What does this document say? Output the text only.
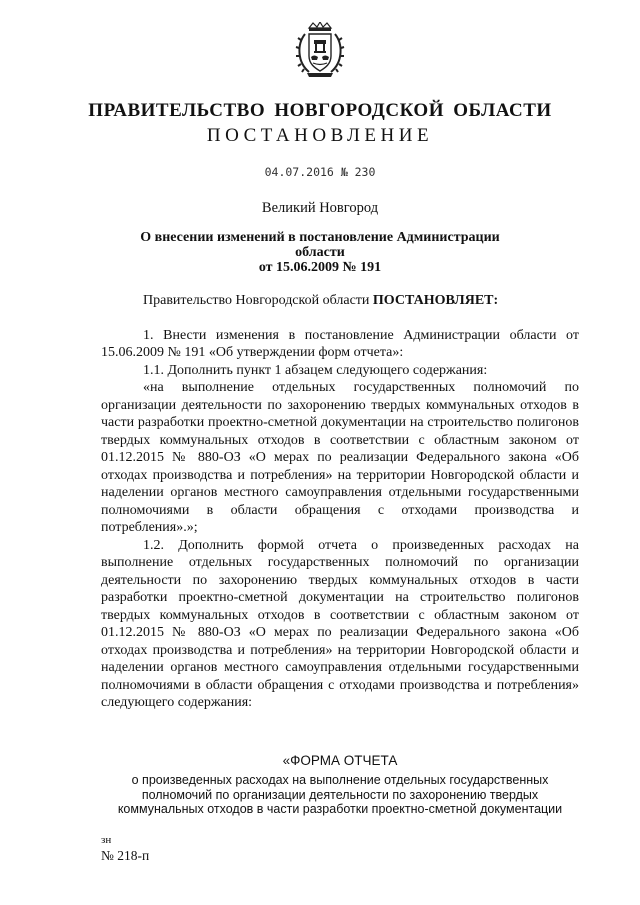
ПРАВИТЕЛЬСТВО НОВГОРОДСКОЙ ОБЛАСТИ
ПОСТАНОВЛЕНИЕ
04.07.2016 № 230
Великий Новгород
О внесении изменений в постановление Администрации области
от 15.06.2009 № 191

Правительство Новгородской области ПОСТАНОВЛЯЕТ:

1. Внести изменения в постановление Администрации области от 15.06.2009 № 191 «Об утверждении форм отчета»:

1.1. Дополнить пункт 1 абзацем следующего содержания:

«на выполнение отдельных государственных полномочий по организации деятельности по захоронению твердых коммунальных отходов в части разработки проектно-сметной документации на строительство полигонов твердых коммунальных отходов в соответствии с областным законом от 01.12.2015 № 880-ОЗ «О мерах по реализации Федерального закона «Об отходах производства и потребления» на территории Новгородской области и наделении органов местного самоуправления отдельными государственными полномочиями в области обращения с отходами производства и потребления».»;

1.2. Дополнить формой отчета о произведенных расходах на выполнение отдельных государственных полномочий по организации деятельности по захоронению твердых коммунальных отходов в части разработки проектно-сметной документации на строительство полигонов твердых коммунальных отходов в соответствии с областным законом от 01.12.2015 № 880-ОЗ «О мерах по реализации Федерального закона «Об отходах производства и потребления» на территории Новгородской области и наделении органов местного самоуправления отдельными государственными полномочиями в области обращения с отходами производства и потребления» следующего содержания:

«ФОРМА ОТЧЕТА
о произведенных расходах на выполнение отдельных государственных
полномочий по организации деятельности по захоронению твердых
коммунальных отходов в части разработки проектно-сметной документации
зн
№ 218-п
